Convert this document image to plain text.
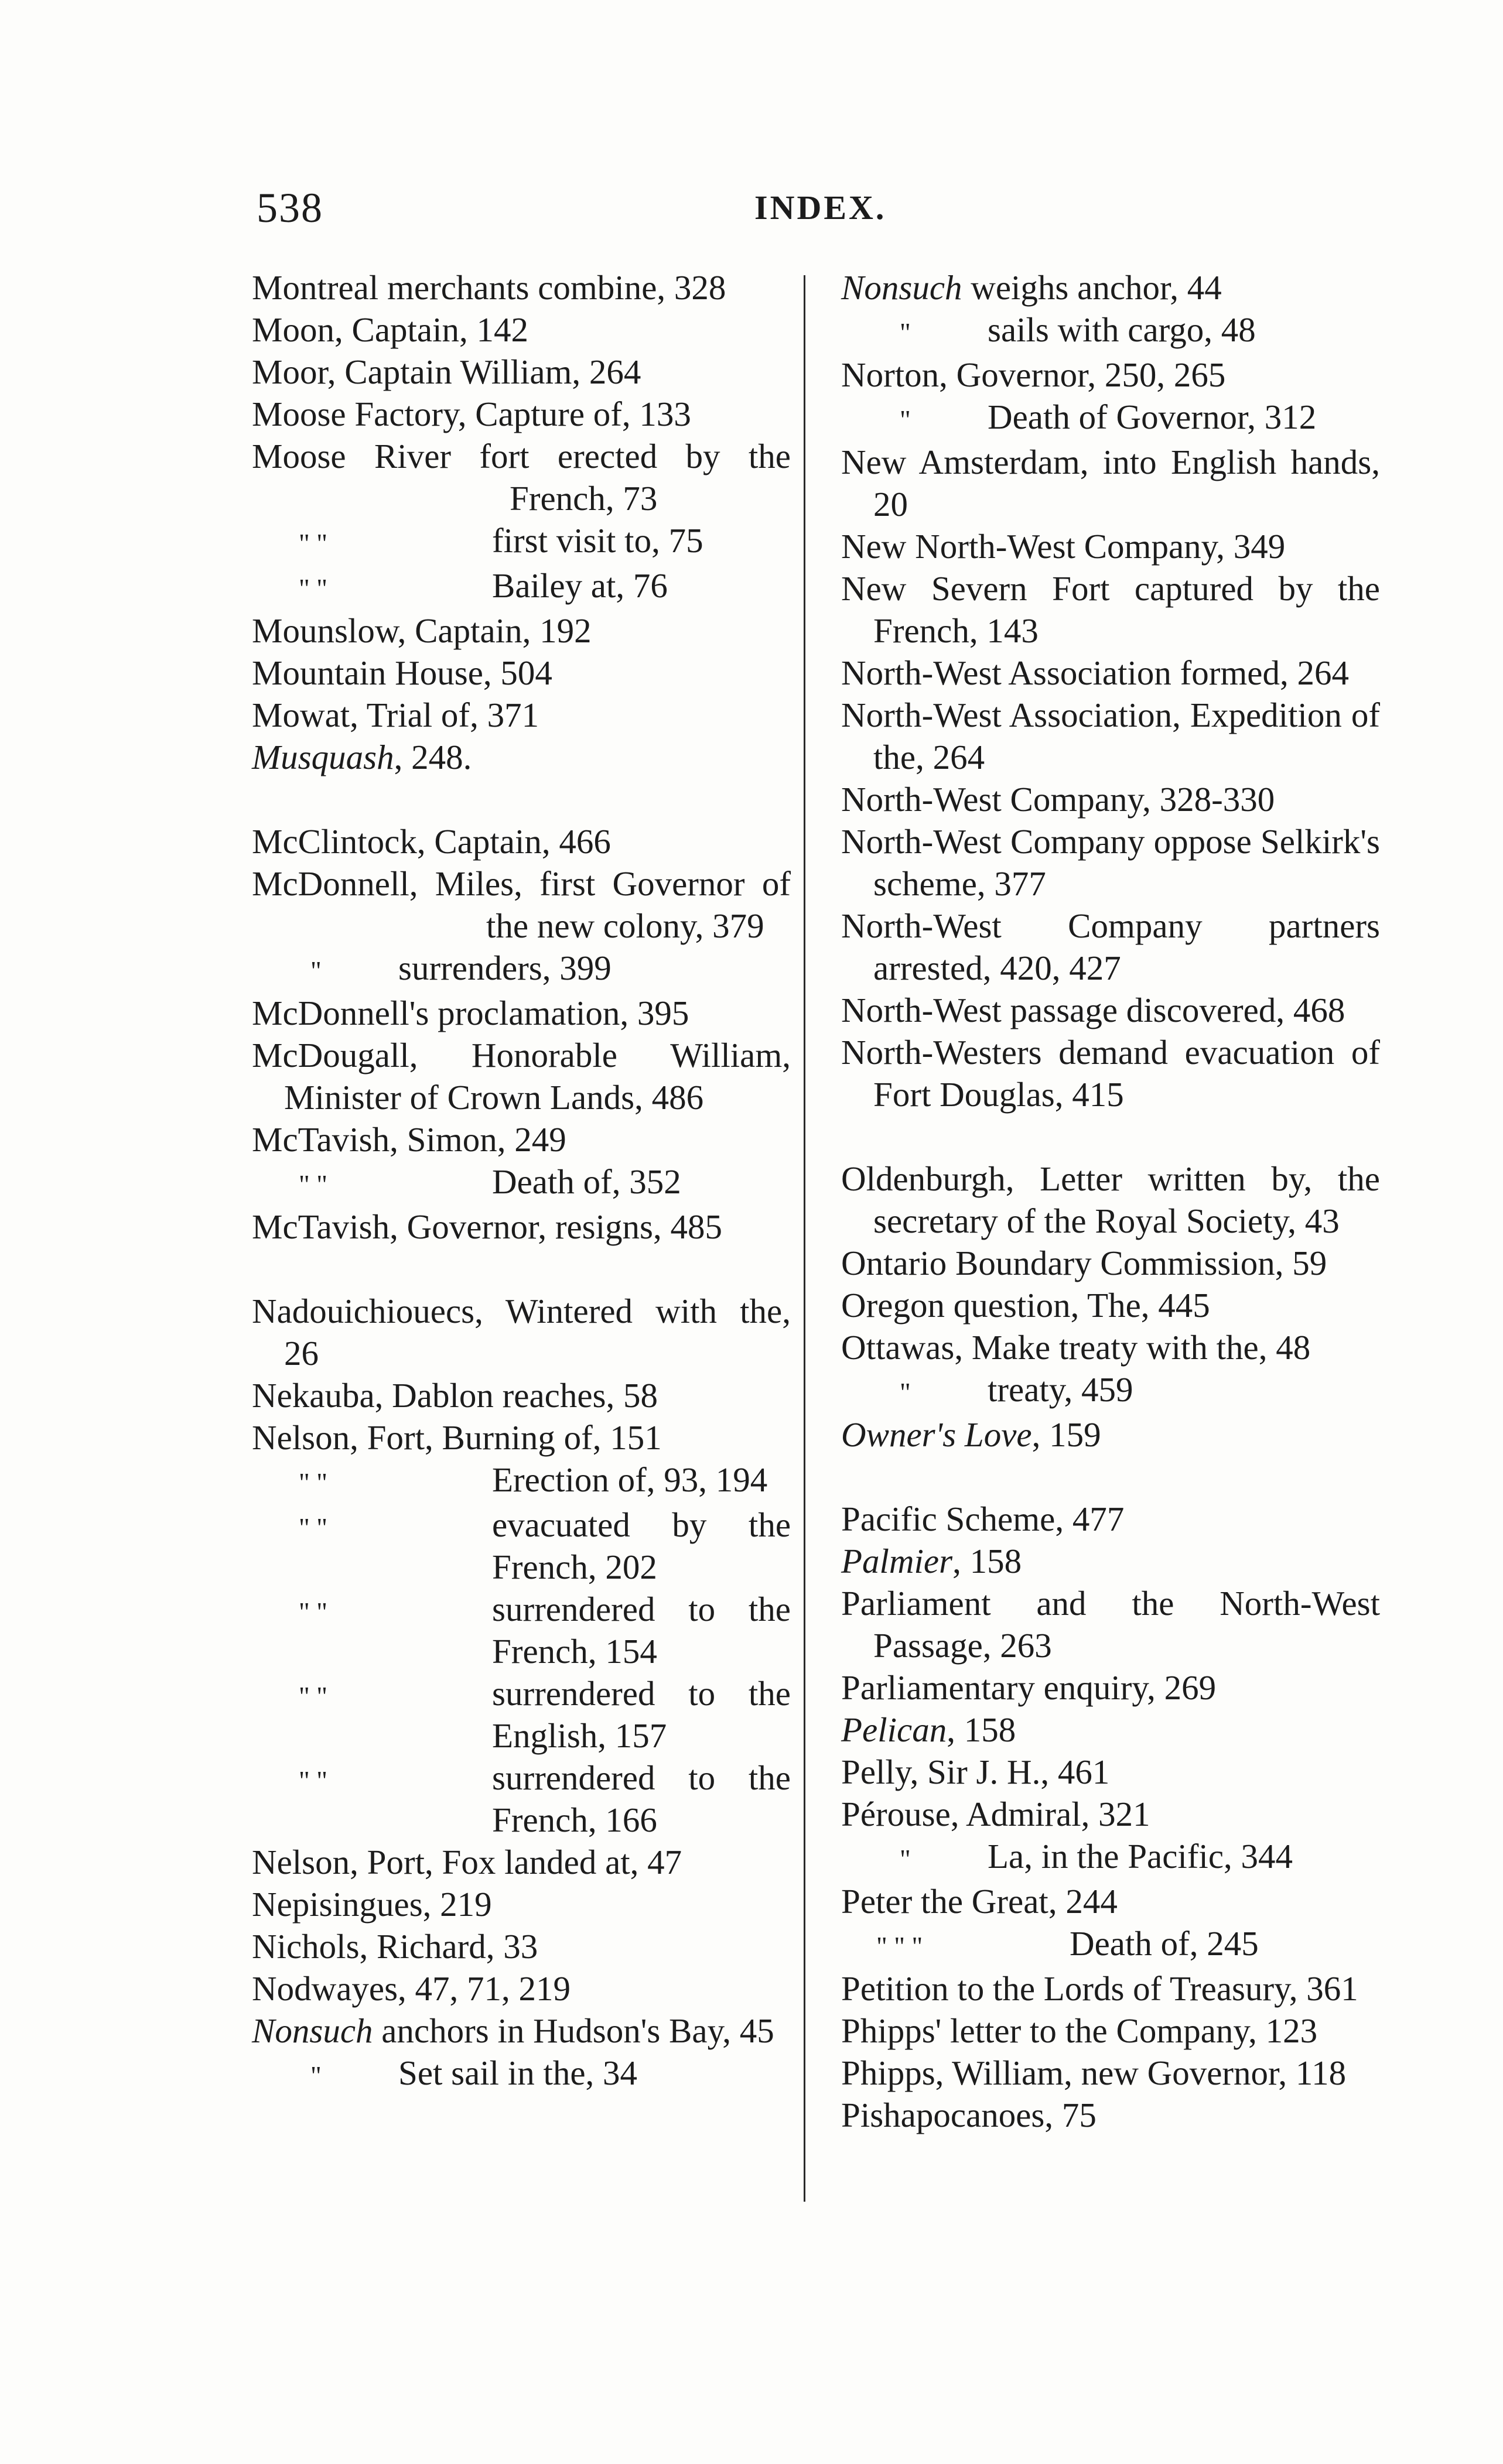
538	INDEX.
Montreal merchants combine, 328
Moon, Captain, 142
Moor, Captain William, 264
Moose Factory, Capture of, 133
Moose River fort erected by the French, 73
" "	first visit to, 75
" "	Bailey at, 76
Mounslow, Captain, 192
Mountain House, 504
Mowat, Trial of, 371
Musquash, 248.
McClintock, Captain, 466
McDonnell, Miles, first Governor of the new colony, 379
" surrenders, 399
McDonnell's proclamation, 395
McDougall, Honorable William, Minister of Crown Lands, 486
McTavish, Simon, 249
" "	Death of, 352
McTavish, Governor, resigns, 485
Nadouichiouecs, Wintered with the, 26
Nekauba, Dablon reaches, 58
Nelson, Fort, Burning of, 151
" "	Erection of, 93, 194
" "	evacuated by the French, 202
" "	surrendered to the French, 154
" "	surrendered to the English, 157
" "	surrendered to the French, 166
Nelson, Port, Fox landed at, 47
Nepisingues, 219
Nichols, Richard, 33
Nodwayes, 47, 71, 219
Nonsuch anchors in Hudson's Bay, 45
" Set sail in the, 34
Nonsuch weighs anchor, 44
" sails with cargo, 48
Norton, Governor, 250, 265
" Death of Governor, 312
New Amsterdam, into English hands, 20
New North-West Company, 349
New Severn Fort captured by the French, 143
North-West Association formed, 264
North-West Association, Expedition of the, 264
North-West Company, 328-330
North-West Company oppose Selkirk's scheme, 377
North-West Company partners arrested, 420, 427
North-West passage discovered, 468
North-Westers demand evacuation of Fort Douglas, 415
Oldenburgh, Letter written by, the secretary of the Royal Society, 43
Ontario Boundary Commission, 59
Oregon question, The, 445
Ottawas, Make treaty with the, 48
" treaty, 459
Owner's Love, 159
Pacific Scheme, 477
Palmier, 158
Parliament and the North-West Passage, 263
Parliamentary enquiry, 269
Pelican, 158
Pelly, Sir J. H., 461
Pérouse, Admiral, 321
" La, in the Pacific, 344
Peter the Great, 244
" " "	Death of, 245
Petition to the Lords of Treasury, 361
Phipps' letter to the Company, 123
Phipps, William, new Governor, 118
Pishapocanoes, 75
